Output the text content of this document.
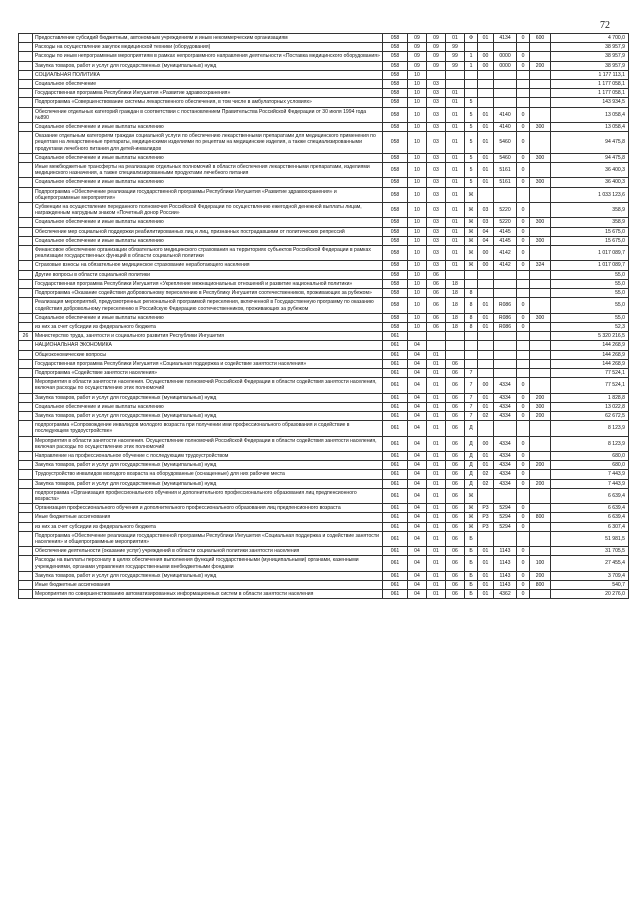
72
	Предоставление субсидий бюджетным, автономным учреждениям и иным некоммерческим организациям	058	09	09	01	Ф	01	4134	0	600	4 700,0
	Расходы на осуществление закупок медицинской техники (оборудования)	058	09	09	99						38 957,9
	Расходы по иным непрограммным мероприятиям в рамках непрограммного направления деятельности «Поставка медицинского оборудования»	058	09	09	99	1	00	0000	0		38 957,9
	Закупка товаров, работ и услуг для государственных (муниципальных) нужд	058	09	09	99	1	00	0000	0	200	38 957,9
	СОЦИАЛЬНАЯ ПОЛИТИКА	058	10								1 177 113,1
	Социальное обеспечение	058	10	03							1 177 058,1
	Государственная программа Республики Ингушетия «Развитие здравоохранения»	058	10	03	01						1 177 058,1
	Подпрограмма «Совершенствование системы лекарственного обеспечения, в том числе в амбулаторных условиях»	058	10	03	01	5					143 934,5
	Обеспечение отдельных категорий граждан в соответствии с постановлением Правительства Российской Федерации от 30 июля 1994 года №890	058	10	03	01	5	01	4140	0		13 058,4
	Социальное обеспечение и иные выплаты населению	058	10	03	01	5	01	4140	0	300	13 058,4
	Оказание отдельным категориям граждан социальной услуги по обеспечению лекарственными препаратами для медицинского применения по рецептам на лекарственные препараты, медицинскими изделиями по рецептам на медицинские изделия, а также специализированными продуктами лечебного питания для детей-инвалидов	058	10	03	01	5	01	5460	0		94 475,8
	Социальное обеспечение и иные выплаты населению	058	10	03	01	5	01	5460	0	300	94 475,8
	Иные межбюджетные трансферты на реализацию отдельных полномочий в области обеспечения лекарственными препаратами, изделиями медицинского назначения, а также специализированными продуктами лечебного питания	058	10	03	01	5	01	5161	0		36 400,3
	Социальное обеспечение и иные выплаты населению	058	10	03	01	5	01	5161	0	300	36 400,3
	Подпрограмма «Обеспечение реализации государственной программы Республики Ингушетия «Развитие здравоохранения» и общепрограммные мероприятия»	058	10	03	01	Ж					1 033 123,6
	Субвенции на осуществление переданного полномочия Российской Федерации по осуществлению ежегодной денежной выплаты лицам, награжденным нагрудным знаком «Почетный донор России»	058	10	03	01	Ж	03	5220	0		358,9
	Социальное обеспечение и иные выплаты населению	058	10	03	01	Ж	03	5220	0	300	358,9
	Обеспечение мер социальной поддержки реабилитированных лиц и лиц, признанных пострадавшими от политических репрессий	058	10	03	01	Ж	04	4145	0		15 675,0
	Социальное обеспечение и иные выплаты населению	058	10	03	01	Ж	04	4145	0	300	15 675,0
	Финансовое обеспечение организации обязательного медицинского страхования на территориях субъектов Российской Федерации в рамках реализации государственных функций в области социальной политики	058	10	03	01	Ж	00	4142	0		1 017 089,7
	Страховые взносы на обязательное медицинское страхование неработающего населения	058	10	03	01	Ж	00	4142	0	324	1 017 089,7
	Другие вопросы в области социальной политики	058	10	06							55,0
	Государственная программа Республики Ингушетия «Укрепление межнациональных отношений и развитие национальной политики»	058	10	06	18						55,0
	Подпрограмма «Оказание содействия добровольному переселению в Республику Ингушетия соотечественников, проживающих за рубежом»	058	10	06	18	8					55,0
	Реализация мероприятий, предусмотренных региональной программой переселения, включенной в Государственную программу по оказанию содействия добровольному переселению в Российскую Федерацию соотечественников, проживающих за рубежом	058	10	06	18	8	01	R086	0		55,0
	Социальное обеспечение и иные выплаты населению	058	10	06	18	8	01	R086	0	300	55,0
	из них за счет субсидии из федерального бюджета	058	10	06	18	8	01	R086	0		52,3
26	Министерство труда, занятости и социального развития Республики Ингушетия	061									5 320 216,5
	НАЦИОНАЛЬНАЯ ЭКОНОМИКА	061	04								144 268,9
	Общеэкономические вопросы	061	04	01							144 268,9
	Государственная программа Республики Ингушетия «Социальная поддержка и содействие занятости населения»	061	04	01	06						144 268,9
	Подпрограмма «Содействие занятости населения»	061	04	01	06	7					77 524,1
	Мероприятия в области занятости населения. Осуществление полномочий Российской Федерации в области содействия занятости населения, включая расходы по осуществлению этих полномочий	061	04	01	06	7	00	4334	0		77 524,1
	Закупка товаров, работ и услуг для государственных (муниципальных) нужд	061	04	01	06	7	01	4334	0	200	1 828,8
	Социальное обеспечение и иные выплаты населению	061	04	01	06	7	01	4334	0	300	13 022,8
	Закупка товаров, работ и услуг для государственных (муниципальных) нужд	061	04	01	06	7	02	4334	0	200	62 672,5
	подпрограмма «Сопровождение инвалидов молодого возраста при получении ими профессионального образования и содействие в последующем трудоустройстве»	061	04	01	06	Д					8 123,9
	Мероприятия в области занятости населения. Осуществление полномочий Российской Федерации в области содействия занятости населения, включая расходы по осуществлению этих полномочий	061	04	01	06	Д	00	4334	0		8 123,9
	Направление на профессиональное обучение с последующим трудоустройством	061	04	01	06	Д	01	4334	0		680,0
	Закупка товаров, работ и услуг для государственных (муниципальных) нужд	061	04	01	06	Д	01	4334	0	200	680,0
	Трудоустройство инвалидов молодого возраста на оборудованные (оснащенные) для них рабочие места	061	04	01	06	Д	02	4334	0		7 443,9
	Закупка товаров, работ и услуг для государственных (муниципальных) нужд	061	04	01	06	Д	02	4334	0	200	7 443,9
	подпрограмма «Организация профессионального обучения и дополнительного профессионального образования лиц предпенсионного возраста»	061	04	01	06	Ж					6 639,4
	Организация профессионального обучения и дополнительного профессионального образования лиц предпенсионного возраста	061	04	01	06	Ж	Р3	5294	0		6 639,4
	Иные бюджетные ассигнования	061	04	01	06	Ж	Р3	5294	0	800	6 639,4
	из них за счет субсидии из федерального бюджета	061	04	01	06	Ж	Р3	5294	0		6 307,4
	Подпрограмма «Обеспечение реализации государственной программы Республики Ингушетия «Социальная поддержка и содействие занятости населения» и общепрограммные мероприятия»	061	04	01	06	Б					51 981,5
	Обеспечение деятельности (оказание услуг) учреждений в области социальной политики занятости населения	061	04	01	06	Б	01	1143	0		31 705,5
	Расходы на выплаты персоналу в целях обеспечения выполнения функций государственными (муниципальными) органами, казенными учреждениями, органами управления государственными внебюджетными фондами	061	04	01	06	Б	01	1143	0	100	27 455,4
	Закупка товаров, работ и услуг для государственных (муниципальных) нужд	061	04	01	06	Б	01	1143	0	200	3 709,4
	Иные бюджетные ассигнования	061	04	01	06	Б	01	1143	0	800	540,7
	Мероприятия по совершенствованию автоматизированных информационных систем в области занятости населения	061	04	01	06	Б	01	4362	0		20 276,0
